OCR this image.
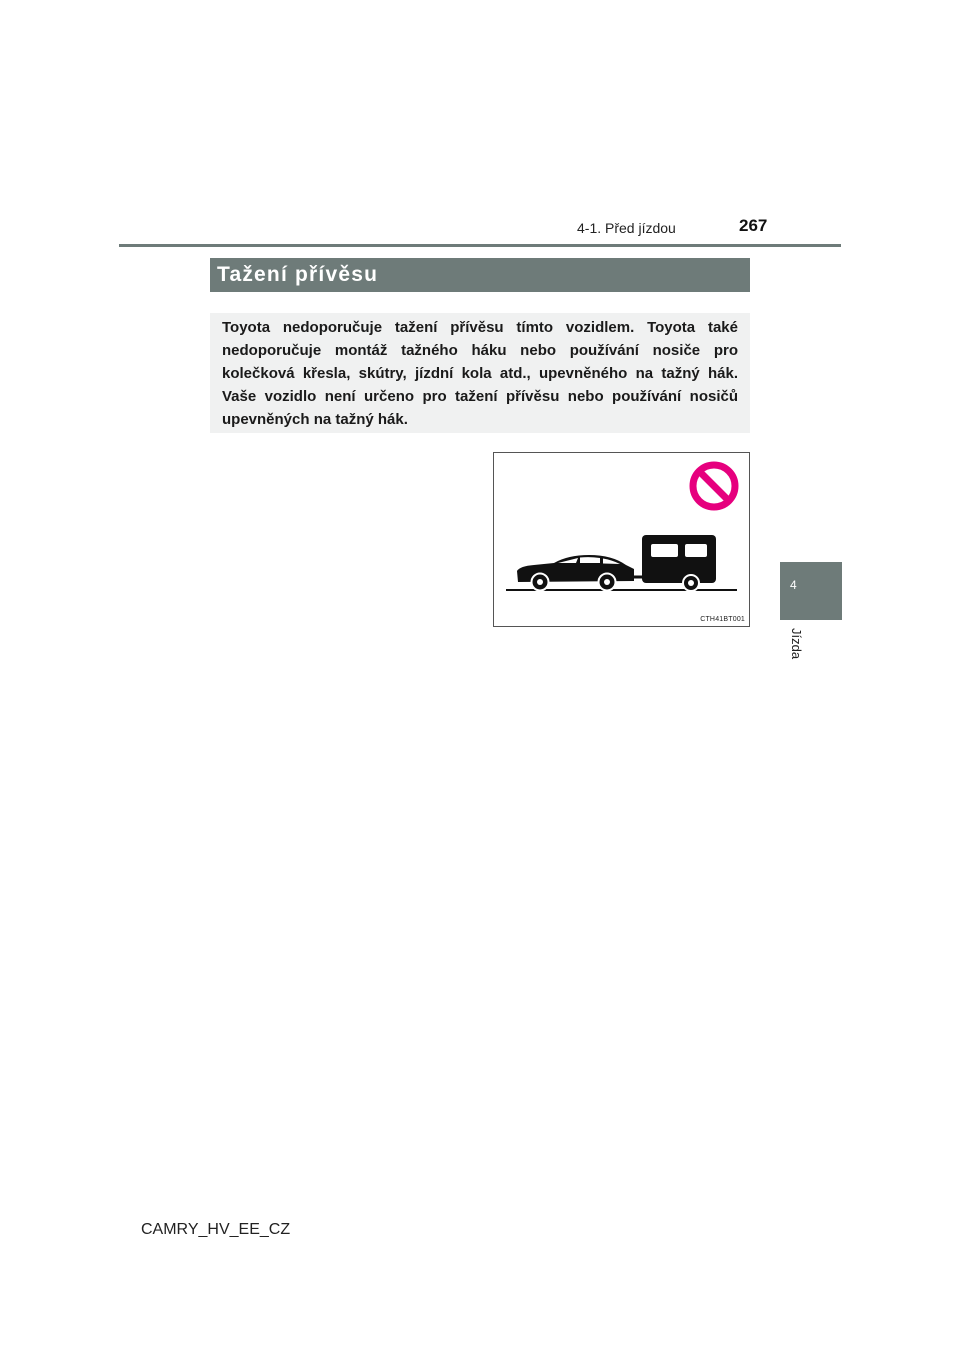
4-1. Před jízdou	267
Tažení přívěsu
Toyota nedoporučuje tažení přívěsu tímto vozidlem. Toyota také nedoporučuje montáž tažného háku nebo používání nosiče pro kolečková křesla, skútry, jízdní kola atd., upevněného na tažný hák. Vaše vozidlo není určeno pro tažení přívěsu nebo používání nosičů upevněných na tažný hák.
CTH41BT001
4
Jízda
CAMRY_HV_EE_CZ
